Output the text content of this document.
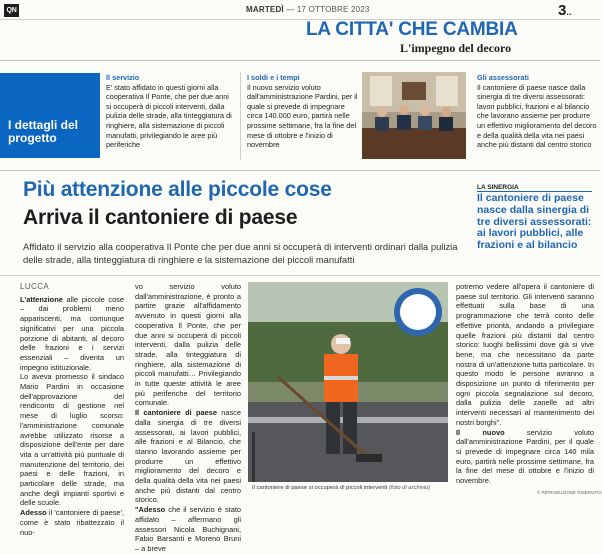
QN	MARTEDÌ — 17 OTTOBRE 2023	3..
LA CITTA' CHE CAMBIA
L'impegno del decoro
I dettagli del progetto
Il servizio
E' stato affidato in questi giorni alla cooperativa Il Ponte, che per due anni si occuperà di piccoli interventi, dalla pulizia delle strade, alla tinteggiatura di ringhiere, alla sistemazione di piccoli manufatti, privilegiando le aree più periferiche
I soldi e i tempi
Il nuovo servizio voluto dall'amministrazione Pardini, per il quale si prevede di impegnare circa 140.000 euro, partirà nelle prossime settimane, fra la fine del mese di ottobre e l'inizio di novembre
Gli assessorati
Il cantoniere di paese nasce dalla sinergia di tre diversi assessorati: lavori pubblici, frazioni e al bilancio che lavorano assieme per produrre un effettivo miglioramento del decoro e della qualità della vita nei paesi anche più distanti dal centro storico
Più attenzione alle piccole cose
Arriva il cantoniere di paese
Affidato il servizio alla cooperativa Il Ponte che per due anni si occuperà di interventi ordinari dalla pulizia delle strade, alla tinteggiatura di ringhiere e la sistemazione dei piccoli manufatti
LA SINERGIA
Il cantoniere di paese nasce dalla sinergia di tre diversi assessorati: ai lavori pubblici, alle frazioni e al bilancio
LUCCA

L'attenzione alle piccole cose – dai problemi meno appariscenti, ma comunque significativi per una piccola porzione di abitanti, al decoro delle frazioni e i servizi essenziali – diventa un impegno istituzionale.

Lo aveva promesso il sindaco Mario Pardini in occasione dell'approvazione del rendiconto di gestione nel mese di luglio scorso: l'amministrazione comunale avrebbe utilizzato risorse a disposizione dell'ente per dare vita a un'attività più puntuale di manutenzione del territorio, dei paesi e delle frazioni, in particolare delle strade, ma anche degli impianti sportivi e delle scuole.

Adesso il 'cantoniere di paese', come è stato ribattezzato il nuo-

vo servizio voluto dall'amministrazione, è pronto a partire grazie all'affidamento avvenuto in questi giorni alla cooperativa Il Ponte, che per due anni si occuperà di piccoli interventi, dalla pulizia delle strade, alla tinteggiatura di ringhiere, alla sistemazione di piccoli manufatti… Privilegiando in tutte queste attività le aree più periferiche del territorio comunale.

Il cantoniere di paese nasce dalla sinergia di tre diversi assessorati, ai lavori pubblici, alle frazioni e al Bilancio, che stanno lavorando assieme per produrre un effettivo miglioramento del decoro e della qualità della vita nei paesi anche più distanti dal centro storico.

"Adesso che il servizio è stato affidato – affermano gli assessori Nicola Buchignani, Fabio Barsanti e Moreno Bruni – a breve

Il cantoniere di paese si occuperà di piccoli interventi (foto di archivio)

potremo vedere all'opera il cantoniere di paese sul territorio. Gli interventi saranno effettuati sulla base di una programmazione che terrà conto delle effettive priorità, andando a privilegiare quelle frazioni più distanti dal centro storico: luoghi bellissimi dove già si vive bene, ma che necessitano da parte nostra di un'attenzione tutta particolare. In questo modo le persone avranno a disposizione un punto di riferimento per ogni piccola segnalazione sul decoro, dalla pulizia delle zanelle ad altri interventi necessari al mantenimento dei nostri borghi".

Il nuovo servizio voluto dall'amministrazione Pardini, per il quale si prevede di impegnare circa 140 mila euro, partirà nelle prossime settimane, fra la fine del mese di ottobre e l'inizio di novembre.

© RIPRODUZIONE RISERVATA
